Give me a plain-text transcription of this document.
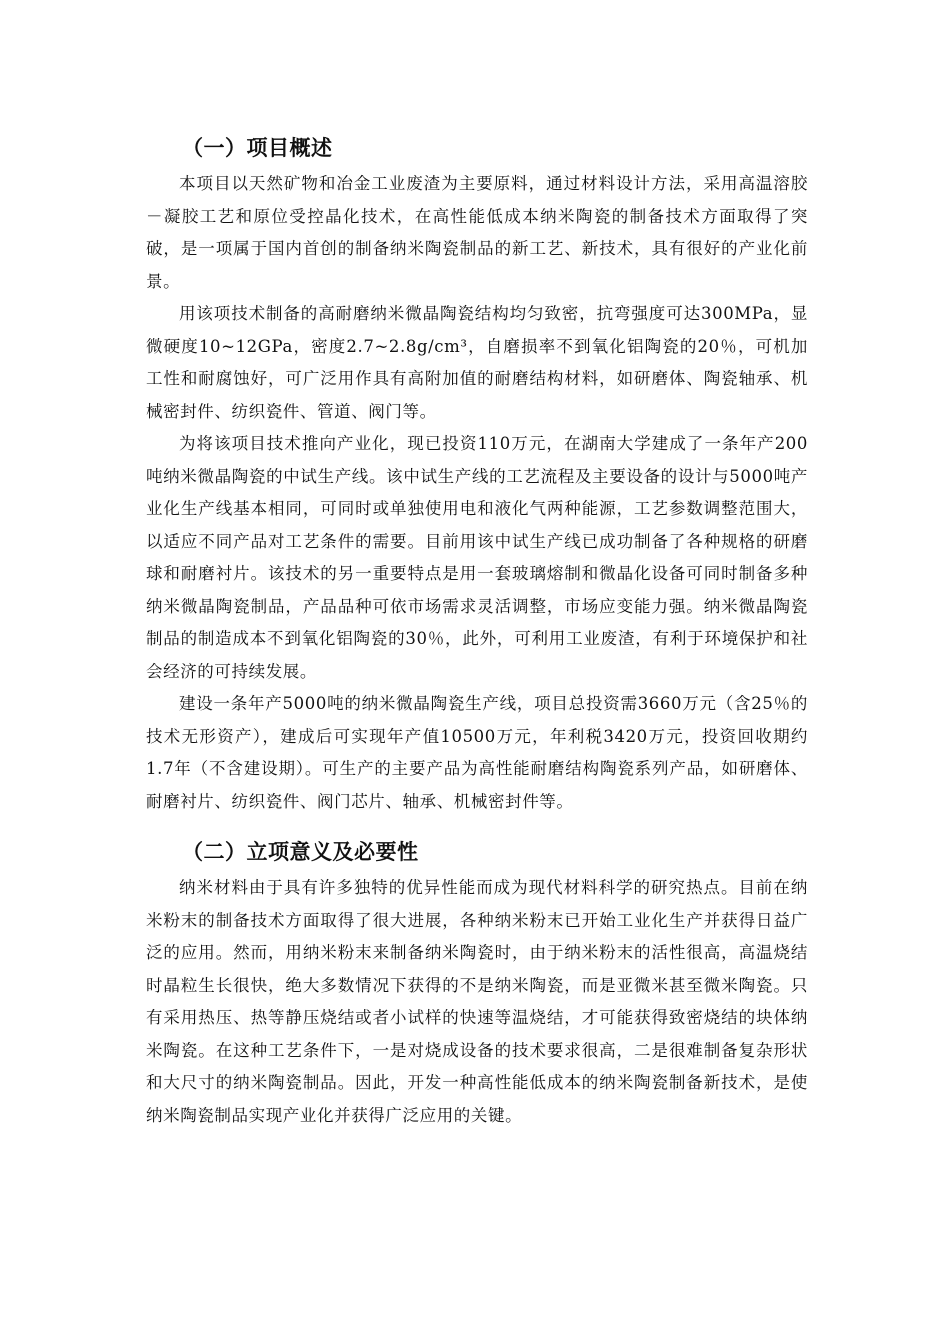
（一）项目概述

本项目以天然矿物和冶金工业废渣为主要原料，通过材料设计方法，采用高温溶胶－凝胶工艺和原位受控晶化技术，在高性能低成本纳米陶瓷的制备技术方面取得了突破，是一项属于国内首创的制备纳米陶瓷制品的新工艺、新技术，具有很好的产业化前景。

用该项技术制备的高耐磨纳米微晶陶瓷结构均匀致密，抗弯强度可达300MPa，显微硬度10~12GPa，密度2.7~2.8g/cm³，自磨损率不到氧化铝陶瓷的20％，可机加工性和耐腐蚀好，可广泛用作具有高附加值的耐磨结构材料，如研磨体、陶瓷轴承、机械密封件、纺织瓷件、管道、阀门等。

为将该项目技术推向产业化，现已投资110万元，在湖南大学建成了一条年产200吨纳米微晶陶瓷的中试生产线。该中试生产线的工艺流程及主要设备的设计与5000吨产业化生产线基本相同，可同时或单独使用电和液化气两种能源，工艺参数调整范围大，以适应不同产品对工艺条件的需要。目前用该中试生产线已成功制备了各种规格的研磨球和耐磨衬片。该技术的另一重要特点是用一套玻璃熔制和微晶化设备可同时制备多种纳米微晶陶瓷制品，产品品种可依市场需求灵活调整，市场应变能力强。纳米微晶陶瓷制品的制造成本不到氧化铝陶瓷的30％，此外，可利用工业废渣，有利于环境保护和社会经济的可持续发展。

建设一条年产5000吨的纳米微晶陶瓷生产线，项目总投资需3660万元（含25％的技术无形资产），建成后可实现年产值10500万元，年利税3420万元，投资回收期约1.7年（不含建设期）。可生产的主要产品为高性能耐磨结构陶瓷系列产品，如研磨体、耐磨衬片、纺织瓷件、阀门芯片、轴承、机械密封件等。

（二）立项意义及必要性

纳米材料由于具有许多独特的优异性能而成为现代材料科学的研究热点。目前在纳米粉末的制备技术方面取得了很大进展，各种纳米粉末已开始工业化生产并获得日益广泛的应用。然而，用纳米粉末来制备纳米陶瓷时，由于纳米粉末的活性很高，高温烧结时晶粒生长很快，绝大多数情况下获得的不是纳米陶瓷，而是亚微米甚至微米陶瓷。只有采用热压、热等静压烧结或者小试样的快速等温烧结，才可能获得致密烧结的块体纳米陶瓷。在这种工艺条件下，一是对烧成设备的技术要求很高，二是很难制备复杂形状和大尺寸的纳米陶瓷制品。因此，开发一种高性能低成本的纳米陶瓷制备新技术，是使纳米陶瓷制品实现产业化并获得广泛应用的关键。
